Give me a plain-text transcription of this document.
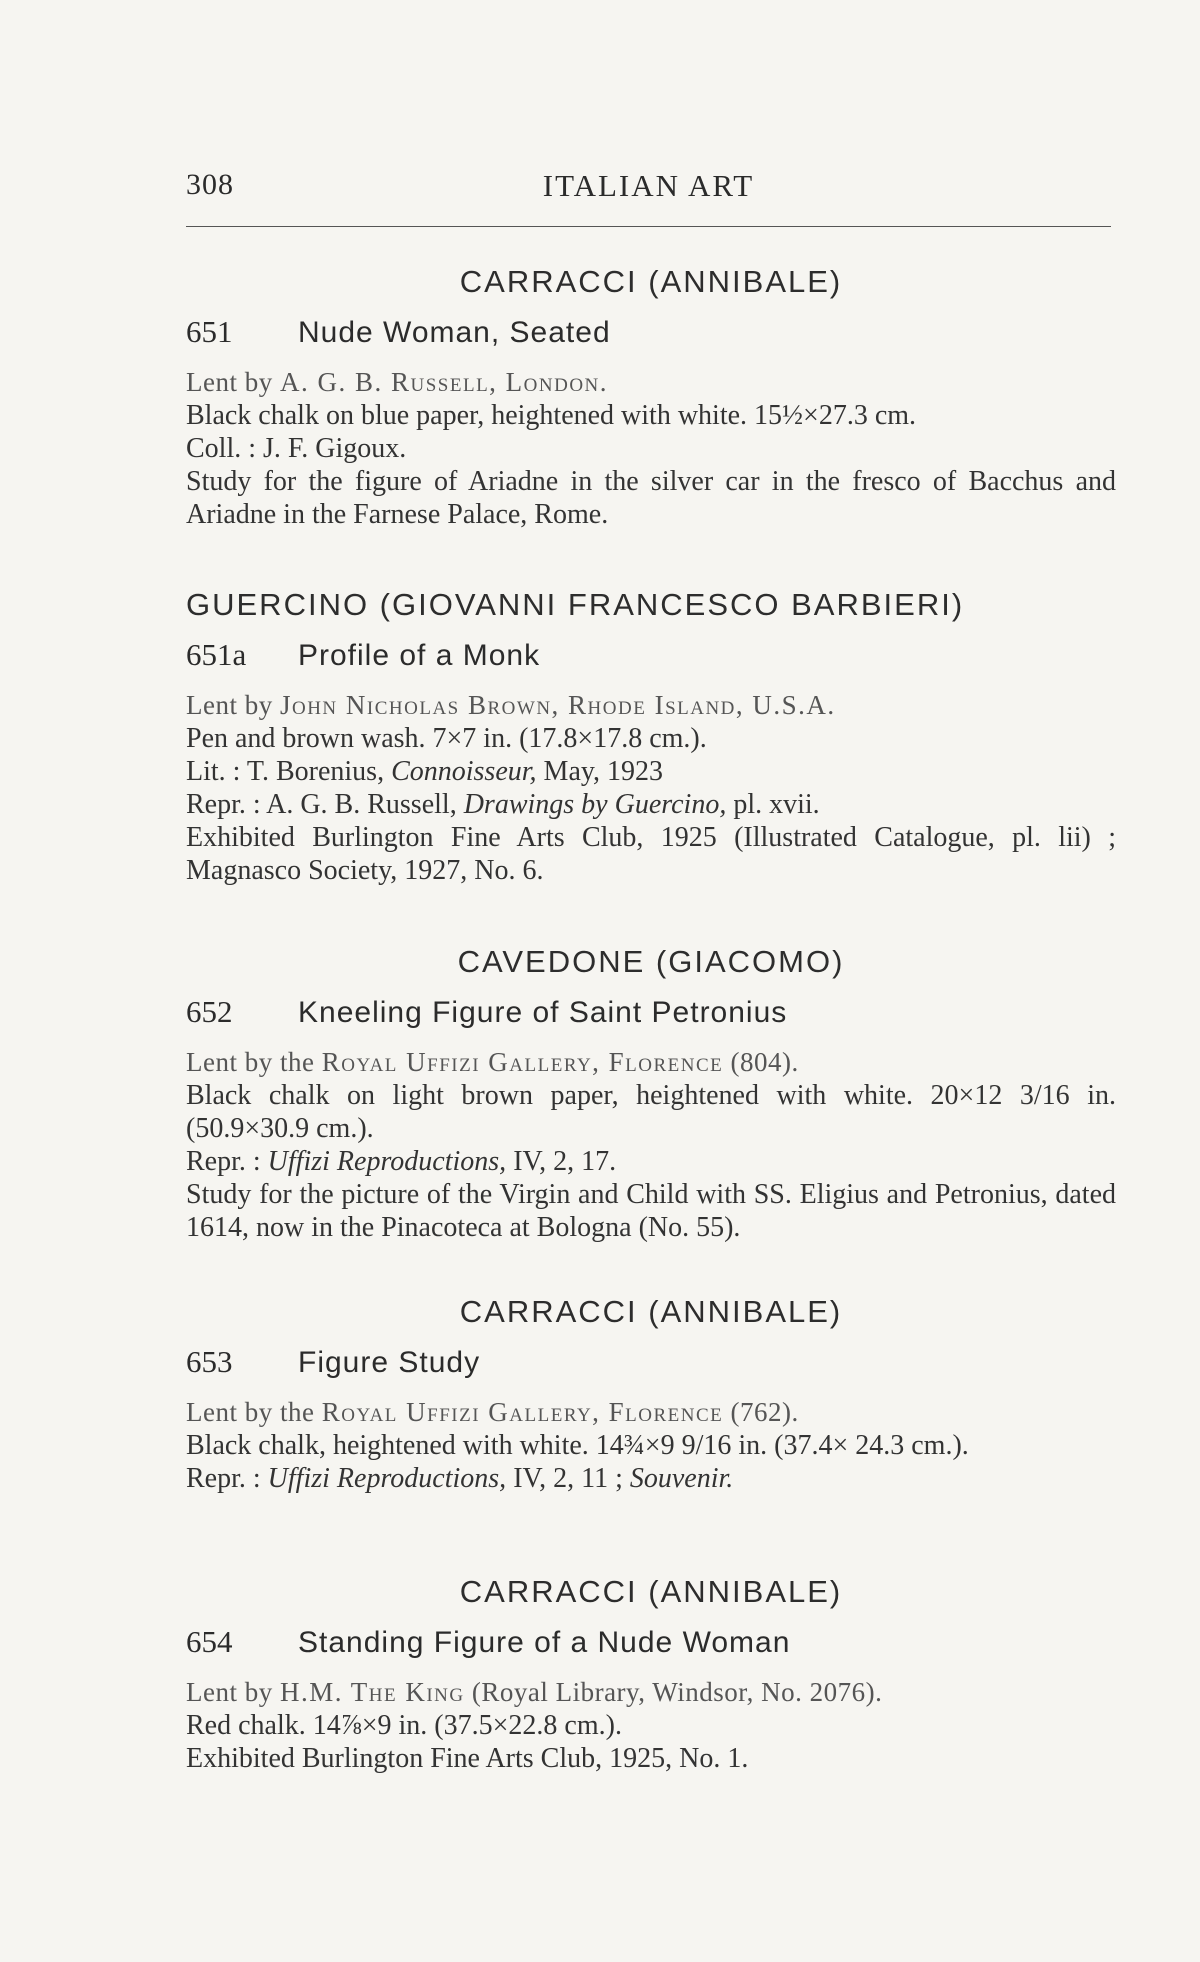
308	ITALIAN ART
CARRACCI (ANNIBALE)
651 Nude Woman, Seated

Lent by A. G. B. Russell, London.

Black chalk on blue paper, heightened with white. 15½×27.3 cm.

Coll. : J. F. Gigoux.

Study for the figure of Ariadne in the silver car in the fresco of Bacchus and Ariadne in the Farnese Palace, Rome.

GUERCINO (GIOVANNI FRANCESCO BARBIERI)
651a Profile of a Monk

Lent by John Nicholas Brown, Rhode Island, U.S.A.

Pen and brown wash. 7×7 in. (17.8×17.8 cm.).

Lit. : T. Borenius, Connoisseur, May, 1923

Repr. : A. G. B. Russell, Drawings by Guercino, pl. xvii.

Exhibited Burlington Fine Arts Club, 1925 (Illustrated Catalogue, pl. lii) ; Magnasco Society, 1927, No. 6.

CAVEDONE (GIACOMO)
652 Kneeling Figure of Saint Petronius

Lent by the Royal Uffizi Gallery, Florence (804).

Black chalk on light brown paper, heightened with white. 20×12 3/16 in. (50.9×30.9 cm.).

Repr. : Uffizi Reproductions, IV, 2, 17.

Study for the picture of the Virgin and Child with SS. Eligius and Petronius, dated 1614, now in the Pinacoteca at Bologna (No. 55).

CARRACCI (ANNIBALE)
653 Figure Study

Lent by the Royal Uffizi Gallery, Florence (762).

Black chalk, heightened with white. 14¾×9 9/16 in. (37.4× 24.3 cm.).

Repr. : Uffizi Reproductions, IV, 2, 11 ; Souvenir.

CARRACCI (ANNIBALE)
654 Standing Figure of a Nude Woman

Lent by H.M. The King (Royal Library, Windsor, No. 2076).

Red chalk. 14⅞×9 in. (37.5×22.8 cm.).

Exhibited Burlington Fine Arts Club, 1925, No. 1.
